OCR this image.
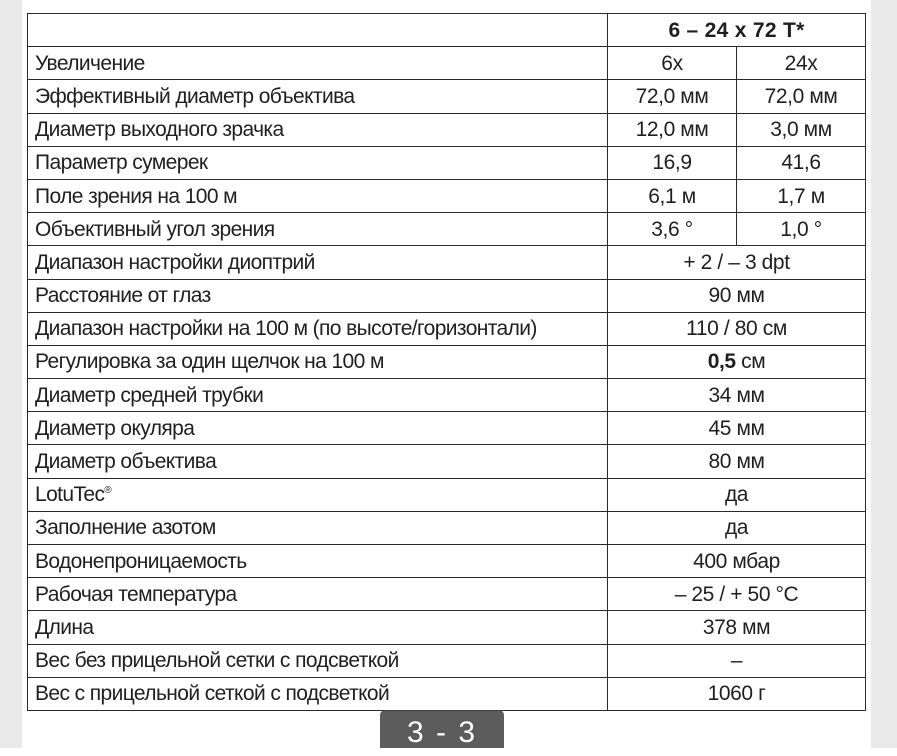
	6 – 24 x 72 T*	
Увеличение	6x	24x
Эффективный диаметр объектива	72,0 мм	72,0 мм
Диаметр выходного зрачка	12,0 мм	3,0 мм
Параметр сумерек	16,9	41,6
Поле зрения на 100 м	6,1 м	1,7 м
Объективный угол зрения	3,6 °	1,0 °
Диапазон настройки диоптрий	+ 2 / – 3 dpt	
Расстояние от глаз	90 мм	
Диапазон настройки на 100 м (по высоте/горизонтали)	110 / 80 см	
Регулировка за один щелчок на 100 м	0,5 см	
Диаметр средней трубки	34 мм	
Диаметр окуляра	45 мм	
Диаметр объектива	80 мм	
LotuTec®	да	
Заполнение азотом	да	
Водонепроницаемость	400 мбар	
Рабочая температура	– 25 / + 50 °C	
Длина	378 мм	
Вес без прицельной сетки с подсветкой	–	
Вес с прицельной сеткой с подсветкой	1060 г	
3 - 3
